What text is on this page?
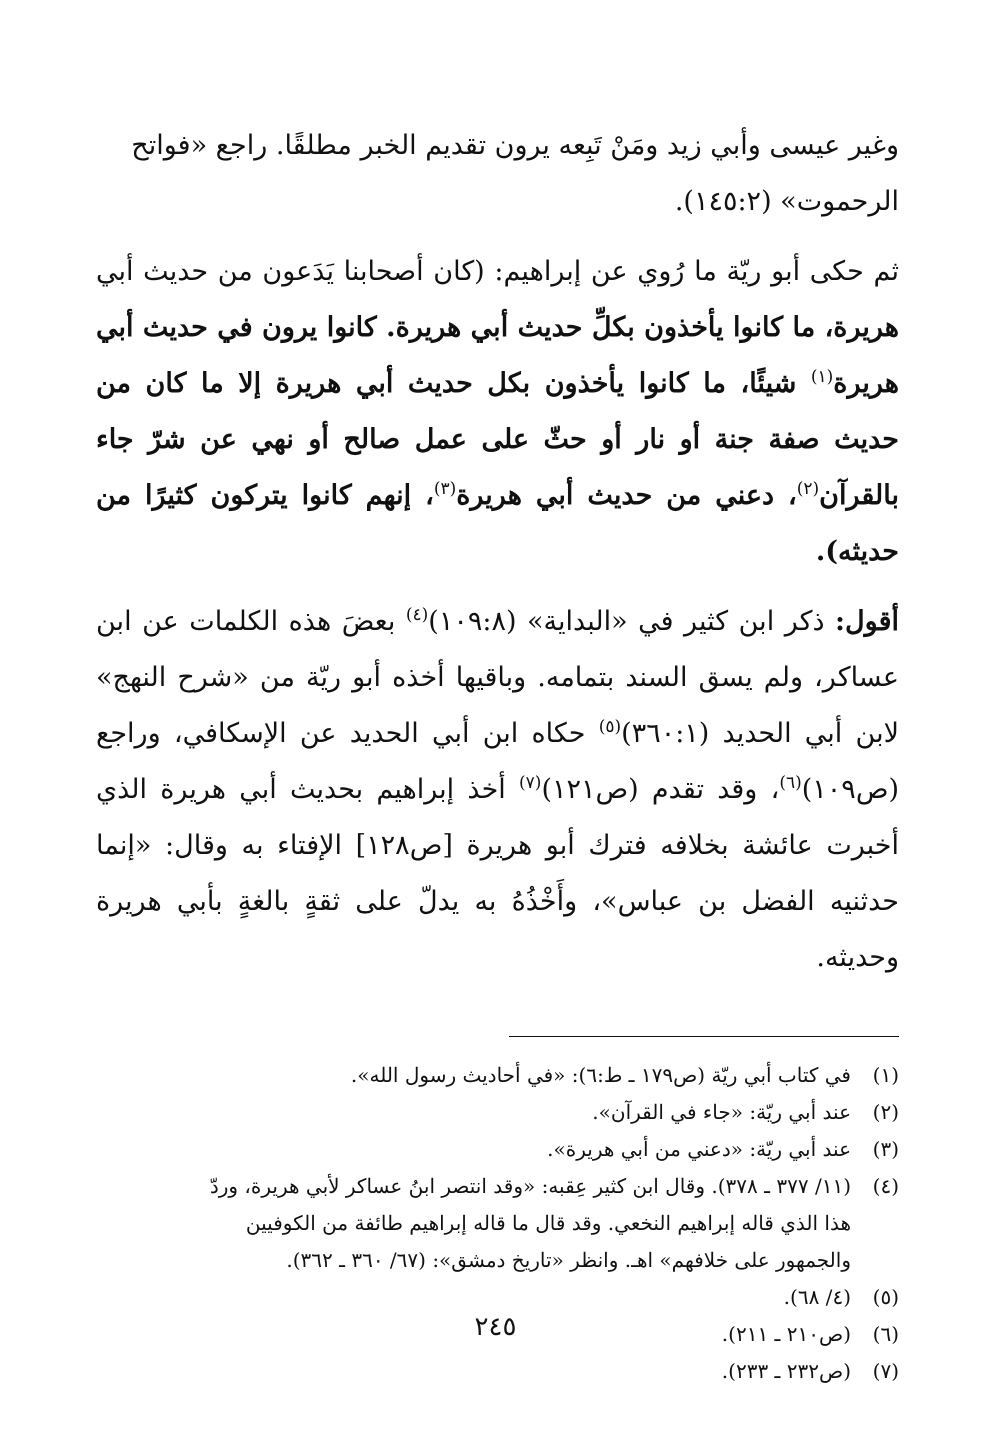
وغير عيسى وأبي زيد ومَنْ تَبِعه يرون تقديم الخبر مطلقًا. راجع «فواتح
الرحموت» (١٤٥:٢).

ثم حكى أبو ريّة ما رُوي عن إبراهيم: (كان أصحابنا يَدَعون من حديث أبي هريرة، ما كانوا يأخذون بكلِّ حديث أبي هريرة. كانوا يرون في حديث أبي هريرة$^{(١)}$ شيئًا، ما كانوا يأخذون بكل حديث أبي هريرة إلا ما كان من حديث صفة جنة أو نار أو حثّ على عمل صالح أو نهي عن شرّ جاء بالقرآن$^{(٢)}$، دعني من حديث أبي هريرة$^{(٣)}$، إنهم كانوا يتركون كثيرًا من حديثه).

أقول: ذكر ابن كثير في «البداية» (١٠٩:٨)$^{(٤)}$ بعضَ هذه الكلمات عن ابن عساكر، ولم يسق السند بتمامه. وباقيها أخذه أبو ريّة من «شرح النهج» لابن أبي الحديد (٣٦٠:١)$^{(٥)}$ حكاه ابن أبي الحديد عن الإسكافي، وراجع (ص١٠٩)$^{(٦)}$، وقد تقدم (ص١٢١)$^{(٧)}$ أخذ إبراهيم بحديث أبي هريرة الذي أخبرت عائشة بخلافه فترك أبو هريرة [ص١٢٨] الإفتاء به وقال: «إنما حدثنيه الفضل بن عباس»، وأَخْذُهُ به يدلّ على ثقةٍ بالغةٍ بأبي هريرة وحديثه.

(١)
في كتاب أبي ريّة (ص١٧٩ ـ ط:٦): «في أحاديث رسول الله».
(٢)
عند أبي ريّة: «جاء في القرآن».
(٣)
عند أبي ريّة: «دعني من أبي هريرة».
(٤)
(١١/ ٣٧٧ ـ ٣٧٨). وقال ابن كثير عِقبه: «وقد انتصر ابنُ عساكر لأبي هريرة، وردّ
هذا الذي قاله إبراهيم النخعي. وقد قال ما قاله إبراهيم طائفة من الكوفيين
والجمهور على خلافهم» اهـ. وانظر «تاريخ دمشق»: (٦٧/ ٣٦٠ ـ ٣٦٢).
(٥)
(٤/ ٦٨).
(٦)
(ص٢١٠ ـ ٢١١).
(٧)
(ص٢٣٢ ـ ٢٣٣).
٢٤٥
